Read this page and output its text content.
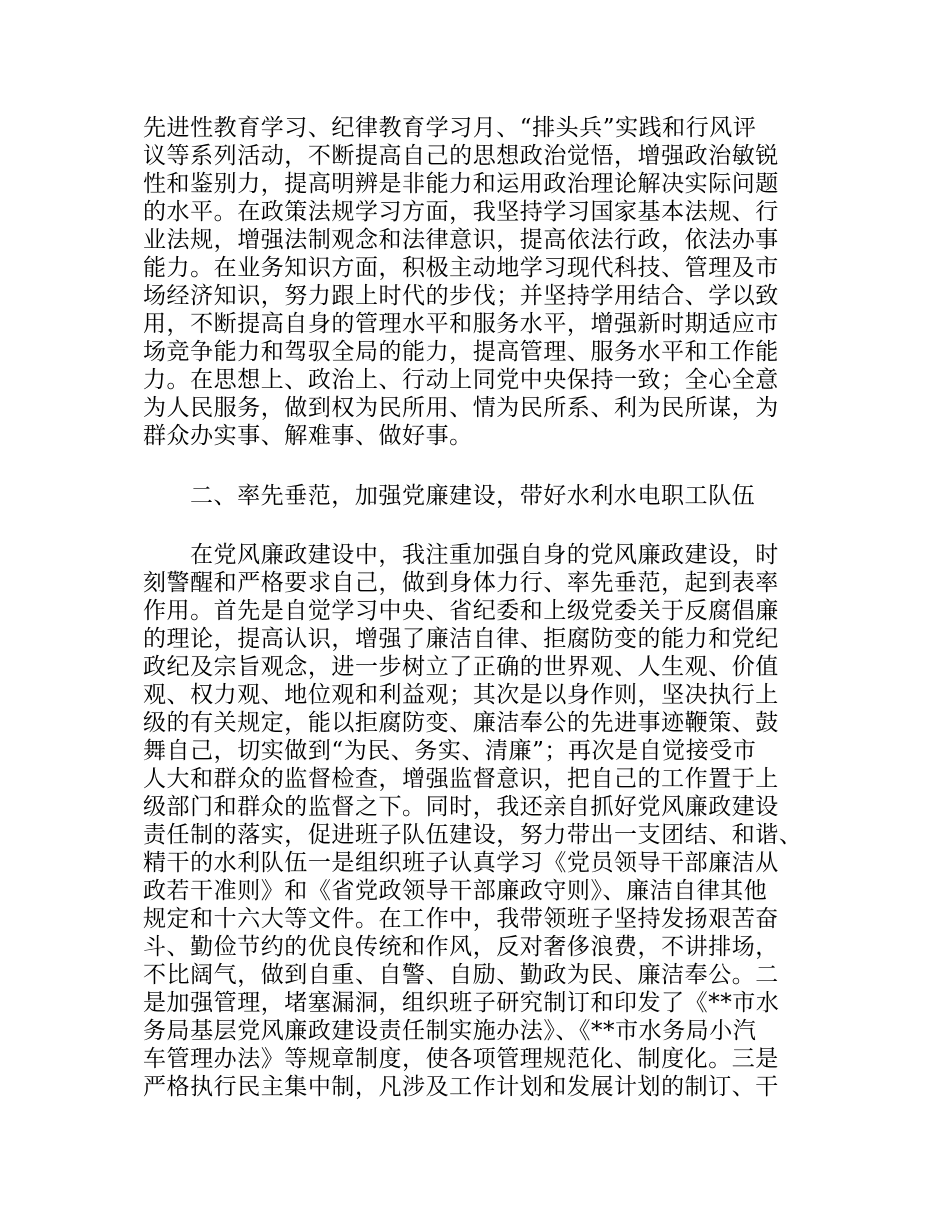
先进性教育学习、纪律教育学习月、“排头兵”实践和行风评
议等系列活动，不断提高自己的思想政治觉悟，增强政治敏锐
性和鉴别力，提高明辨是非能力和运用政治理论解决实际问题
的水平。在政策法规学习方面，我坚持学习国家基本法规、行
业法规，增强法制观念和法律意识，提高依法行政，依法办事
能力。在业务知识方面，积极主动地学习现代科技、管理及市
场经济知识，努力跟上时代的步伐；并坚持学用结合、学以致
用，不断提高自身的管理水平和服务水平，增强新时期适应市
场竞争能力和驾驭全局的能力，提高管理、服务水平和工作能
力。在思想上、政治上、行动上同党中央保持一致；全心全意
为人民服务，做到权为民所用、情为民所系、利为民所谋，为
群众办实事、解难事、做好事。
二、率先垂范，加强党廉建设，带好水利水电职工队伍
在党风廉政建设中，我注重加强自身的党风廉政建设，时
刻警醒和严格要求自己，做到身体力行、率先垂范，起到表率
作用。首先是自觉学习中央、省纪委和上级党委关于反腐倡廉
的理论，提高认识，增强了廉洁自律、拒腐防变的能力和党纪
政纪及宗旨观念，进一步树立了正确的世界观、人生观、价值
观、权力观、地位观和利益观；其次是以身作则，坚决执行上
级的有关规定，能以拒腐防变、廉洁奉公的先进事迹鞭策、鼓
舞自己，切实做到“为民、务实、清廉”；再次是自觉接受市
人大和群众的监督检查，增强监督意识，把自己的工作置于上
级部门和群众的监督之下。同时，我还亲自抓好党风廉政建设
责任制的落实，促进班子队伍建设，努力带出一支团结、和谐、
精干的水利队伍一是组织班子认真学习《党员领导干部廉洁从
政若干准则》和《省党政领导干部廉政守则》、廉洁自律其他
规定和十六大等文件。在工作中，我带领班子坚持发扬艰苦奋
斗、勤俭节约的优良传统和作风，反对奢侈浪费，不讲排场，
不比阔气，做到自重、自警、自励、勤政为民、廉洁奉公。二
是加强管理，堵塞漏洞，组织班子研究制订和印发了《**市水
务局基层党风廉政建设责任制实施办法》、《**市水务局小汽
车管理办法》等规章制度，使各项管理规范化、制度化。三是
严格执行民主集中制，凡涉及工作计划和发展计划的制订、干
